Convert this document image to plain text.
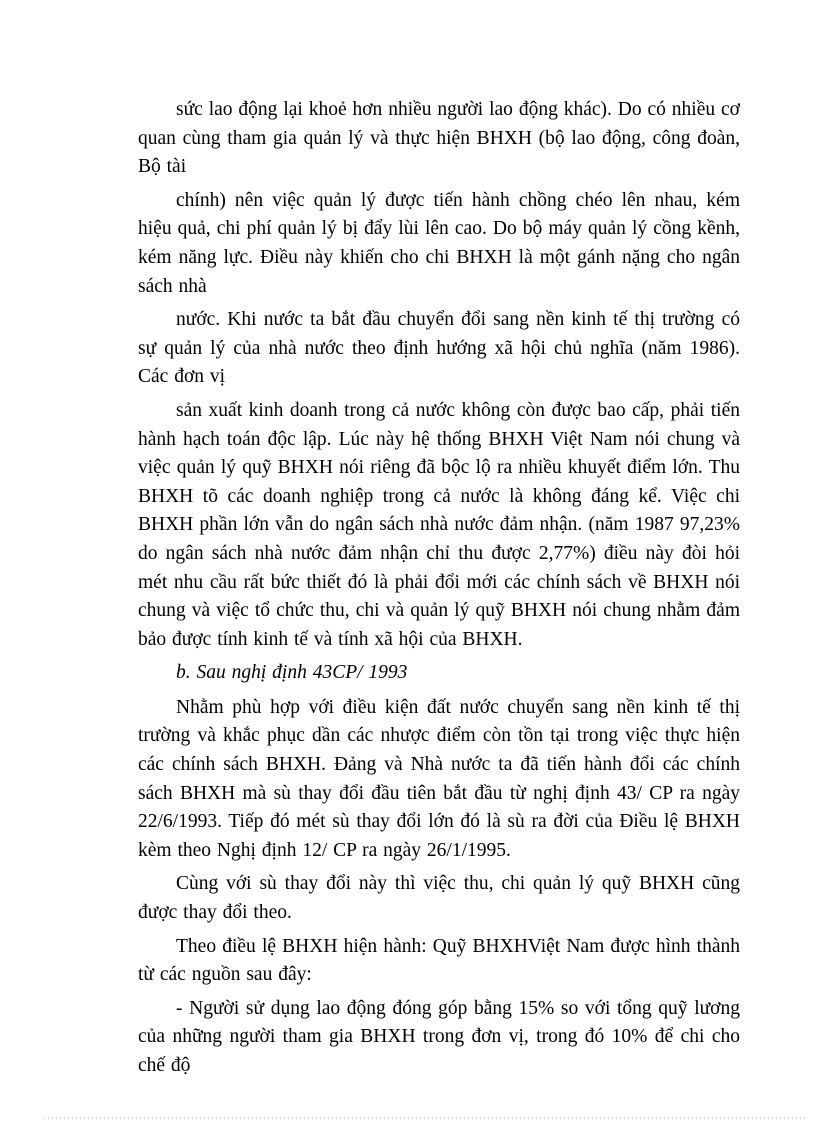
sức lao động lại khoẻ hơn nhiều người lao động khác). Do có nhiều cơ quan cùng tham gia quản lý và thực hiện BHXH (bộ lao động, công đoàn, Bộ tài

chính) nên việc quản lý được tiến hành chồng chéo lên nhau, kém hiệu quả, chi phí quản lý bị đẩy lùi lên cao. Do bộ máy quản lý cồng kềnh, kém năng lực. Điều này khiến cho chi BHXH là một gánh nặng cho ngân sách nhà

nước. Khi nước ta bắt đầu chuyển đổi sang nền kinh tế thị trường có sự quản lý của nhà nước theo định hướng xã hội chủ nghĩa (năm 1986). Các đơn vị

sản xuất kinh doanh trong cả nước không còn được bao cấp, phải tiến hành hạch toán độc lập. Lúc này hệ thống BHXH Việt Nam nói chung và việc quản lý quỹ BHXH nói riêng đã bộc lộ ra nhiều khuyết điểm lớn. Thu BHXH tõ các doanh nghiệp trong cả nước là không đáng kể. Việc chi BHXH phần lớn vẫn do ngân sách nhà nước đảm nhận. (năm 1987 97,23% do ngân sách nhà nước đảm nhận chỉ thu được 2,77%) điều này đòi hỏi mét nhu cầu rất bức thiết đó là phải đổi mới các chính sách về BHXH nói chung và việc tổ chức thu, chi và quản lý quỹ BHXH nói chung nhằm đảm bảo được tính kinh tế và tính xã hội của BHXH.

b. Sau nghị định 43CP/ 1993

Nhằm phù hợp với điều kiện đất nước chuyển sang nền kinh tế thị trường và khắc phục dần các nhược điểm còn tồn tại trong việc thực hiện các chính sách BHXH. Đảng và Nhà nước ta đã tiến hành đổi các chính sách BHXH mà sù thay đổi đầu tiên bắt đầu từ nghị định 43/ CP ra ngày 22/6/1993. Tiếp đó mét sù thay đổi lớn đó là sù ra đời của Điều lệ BHXH kèm theo Nghị định 12/ CP ra ngày 26/1/1995.

Cùng với sù thay đổi này thì việc thu, chi quản lý quỹ BHXH cũng được thay đổi theo.

Theo điều lệ BHXH hiện hành: Quỹ BHXHViệt Nam được hình thành từ các nguồn sau đây:

- Người sử dụng lao động đóng góp bằng 15% so với tổng quỹ lương của những người tham gia BHXH trong đơn vị, trong đó 10% để chi cho chế độ
